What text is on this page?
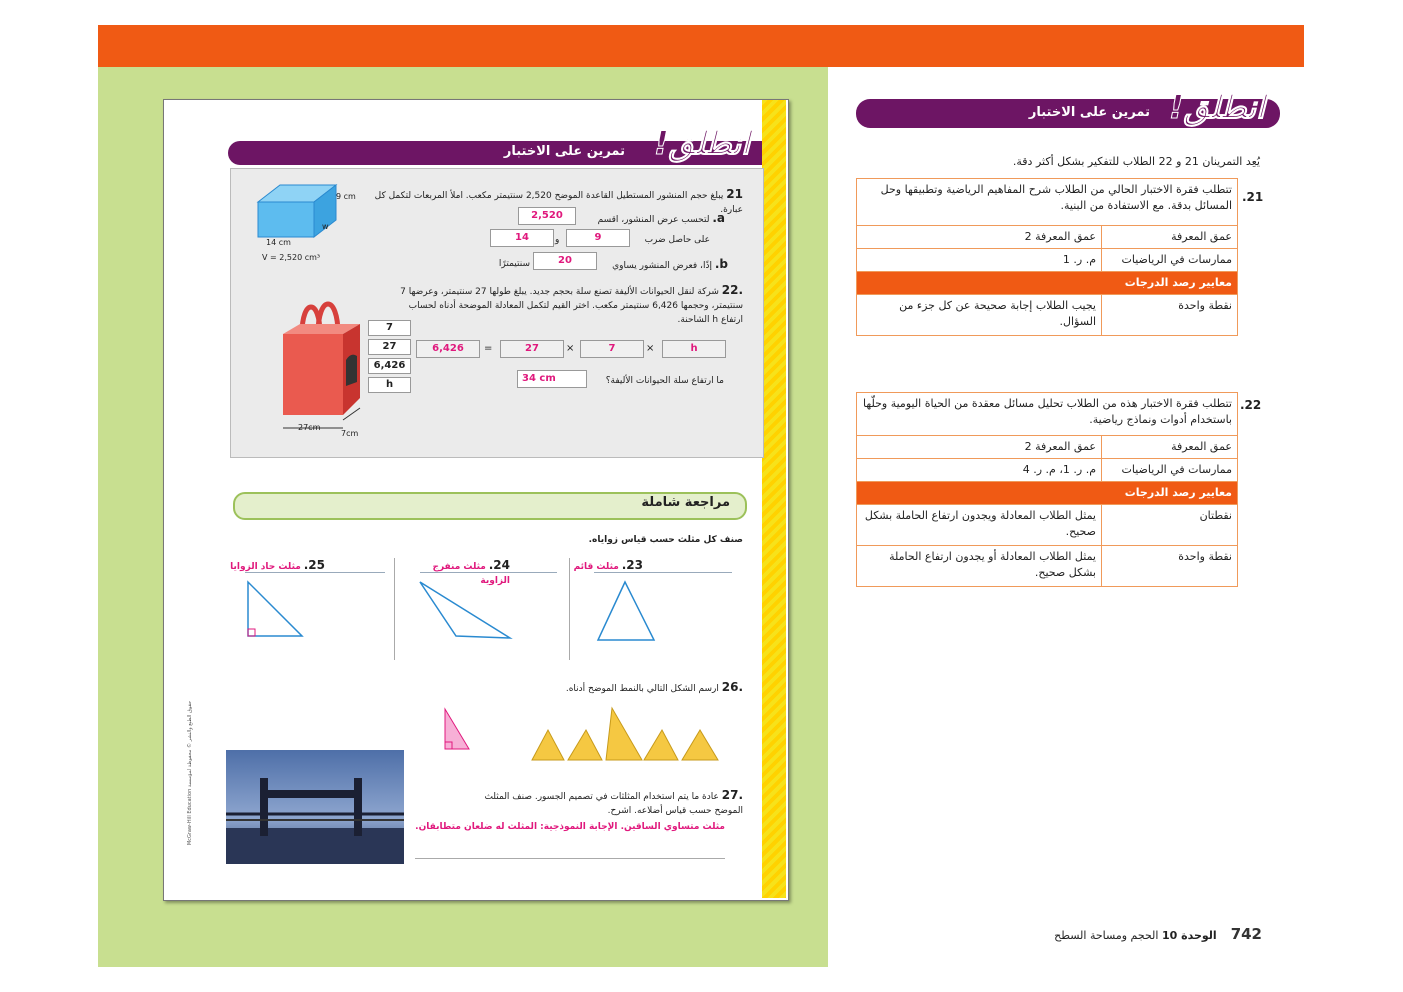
تمرين على الاختبار انطلق!
21 يبلغ حجم المنشور المستطيل القاعدة الموضح 2,520 سنتيمتر مكعب. املأ المربعات لتكمل كل عبارة.
9 cm
w
14 cm
V = 2,520 cm³
a. لتحسب عرض المنشور، اقسم
2,520
على حاصل ضرب
9
و
14
b. إذًا، فعرض المنشور يساوي
20
سنتيمترًا
.22 شركة لنقل الحيوانات الأليفة تصنع سلة بحجم جديد. يبلغ طولها 27 سنتيمتر، وعرضها 7 سنتيمتر، وحجمها 6,426 سنتيمتر مكعب. اختر القيم لتكمل المعادلة الموضحة أدناه لحساب ارتفاع h الشاحنة.
27cm
7cm
7
27
6,426
h
6,426	=	27	×	7	×	h
ما ارتفاع سلة الحيوانات الأليفة؟
34 cm
مراجعة شاملة
صنف كل مثلث حسب قياس زواياه.
23. مثلث قائم
24. مثلث منفرج الزاوية
25. مثلث حاد الزوايا
.26 ارسم الشكل التالي بالنمط الموضح أدناه.
.27 عادة ما يتم استخدام المثلثات في تصميم الجسور. صنف المثلث الموضح حسب قياس أضلاعه. اشرح.
مثلث متساوي الساقين. الإجابة النموذجية: المثلث له ضلعان متطابقان.
حقوق الطبع والنشر © محفوظة لمؤسسة McGraw-Hill Education
تمرين على الاختبار انطلق!
يُعِد التمرينان 21 و 22 الطلاب للتفكير بشكل أكثر دقة.
.21
تتطلب فقرة الاختبار الحالي من الطلاب شرح المفاهيم الرياضية وتطبيقها وحل المسائل بدقة. مع الاستفادة من البنية.	
عمق المعرفة	عمق المعرفة 2
ممارسات في الرياضيات	م. ر. 1
معايير رصد الدرجات	
نقطة واحدة	يجيب الطلاب إجابة صحيحة عن كل جزء من السؤال.
.22
تتطلب فقرة الاختبار هذه من الطلاب تحليل مسائل معقدة من الحياة اليومية وحلّها باستخدام أدوات ونماذج رياضية.	
عمق المعرفة	عمق المعرفة 2
ممارسات في الرياضيات	م. ر. 1، م. ر. 4
معايير رصد الدرجات	
نقطتان	يمثل الطلاب المعادلة ويجدون ارتفاع الحاملة بشكل صحيح.
نقطة واحدة	يمثل الطلاب المعادلة أو يجدون ارتفاع الحاملة بشكل صحيح.
742    الوحدة 10 الحجم ومساحة السطح
